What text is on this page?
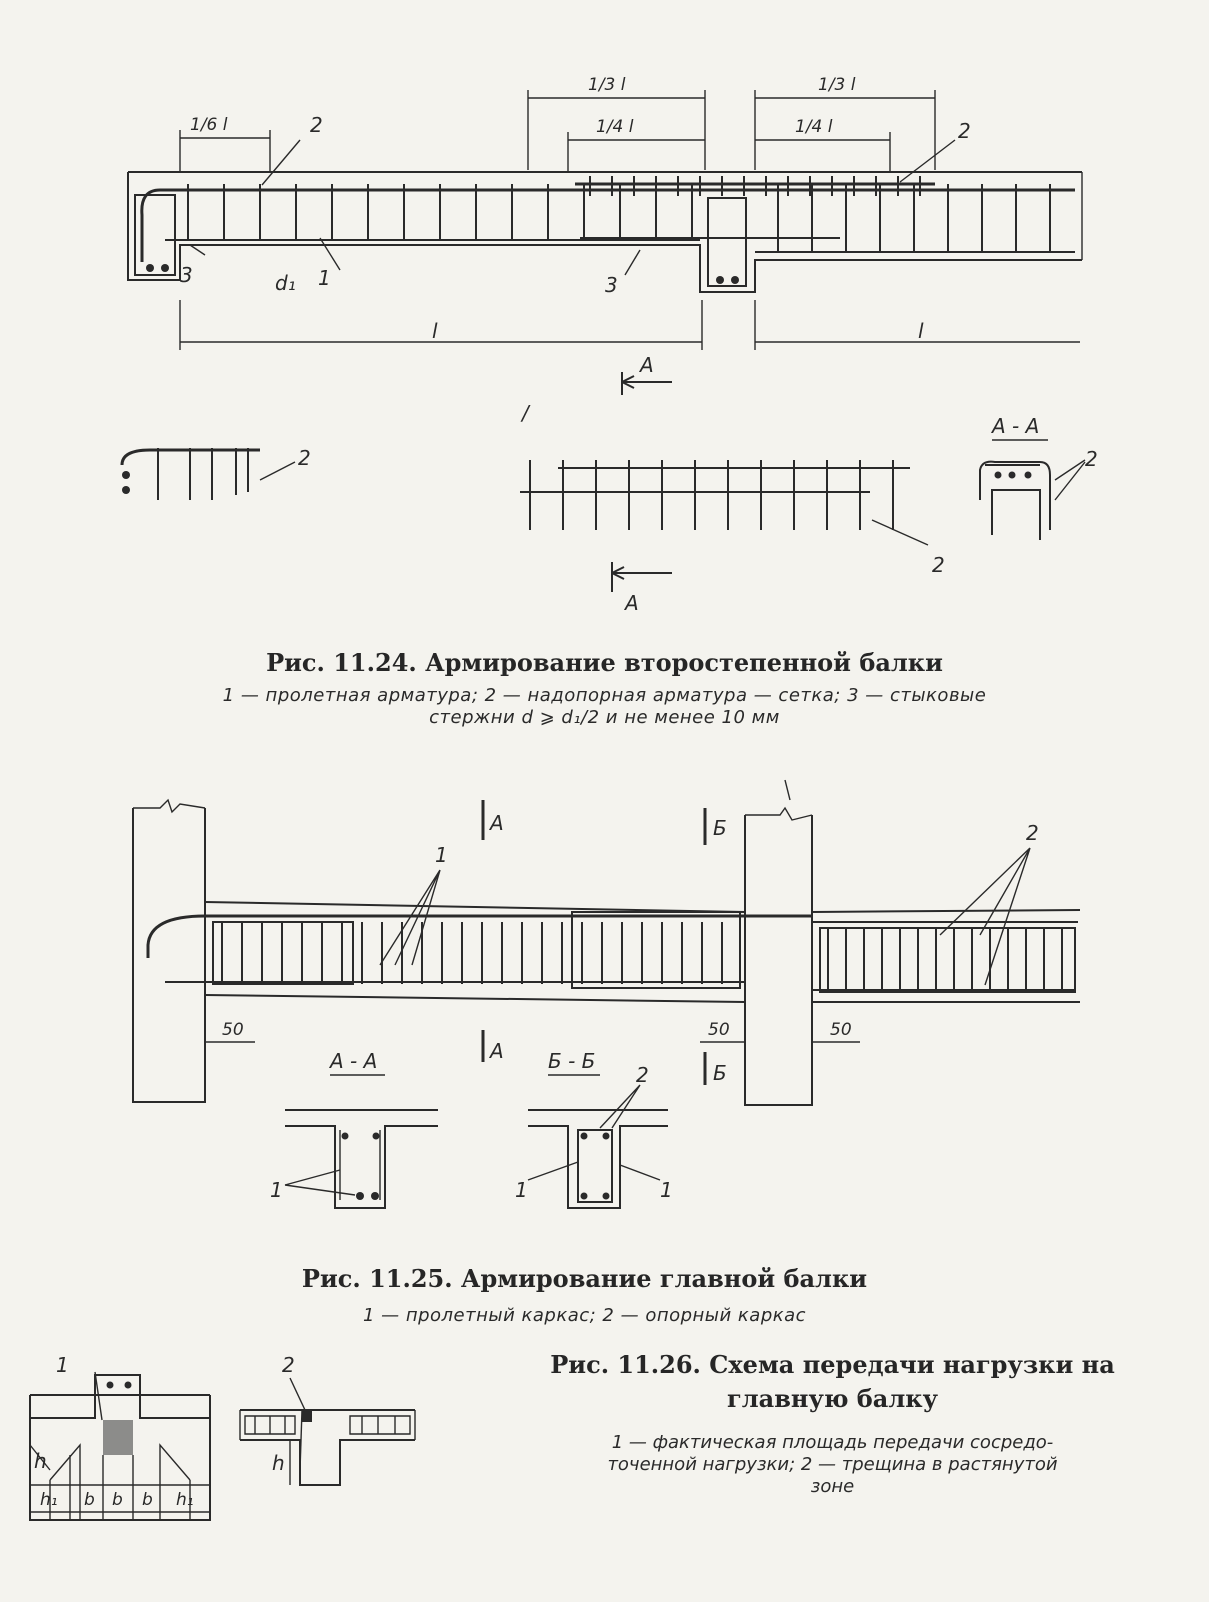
1/6 l
1/3 l
1/4 l
1/3 l
1/4 l
l	l
2	2
3	3
d₁ 1
A
2
/
2
A
A - A
2
A
A
Б
Б
1
2
50	50	50
A - A
1
Б - Б
2
1	1
1
h
h₁ b b b h₁
2
h
Рис. 11.24. Армирование второстепенной балки
1 — пролетная арматура; 2 — надопорная арматура — сетка; 3 — стыковые
стержни d ⩾ d₁/2 и не менее 10 мм
Рис. 11.25. Армирование главной балки
1 — пролетный каркас; 2 — опорный каркас
Рис. 11.26. Схема передачи нагрузки на
главную балку
1 — фактическая площадь передачи сосредо-
точенной нагрузки; 2 — трещина в растянутой
зоне
